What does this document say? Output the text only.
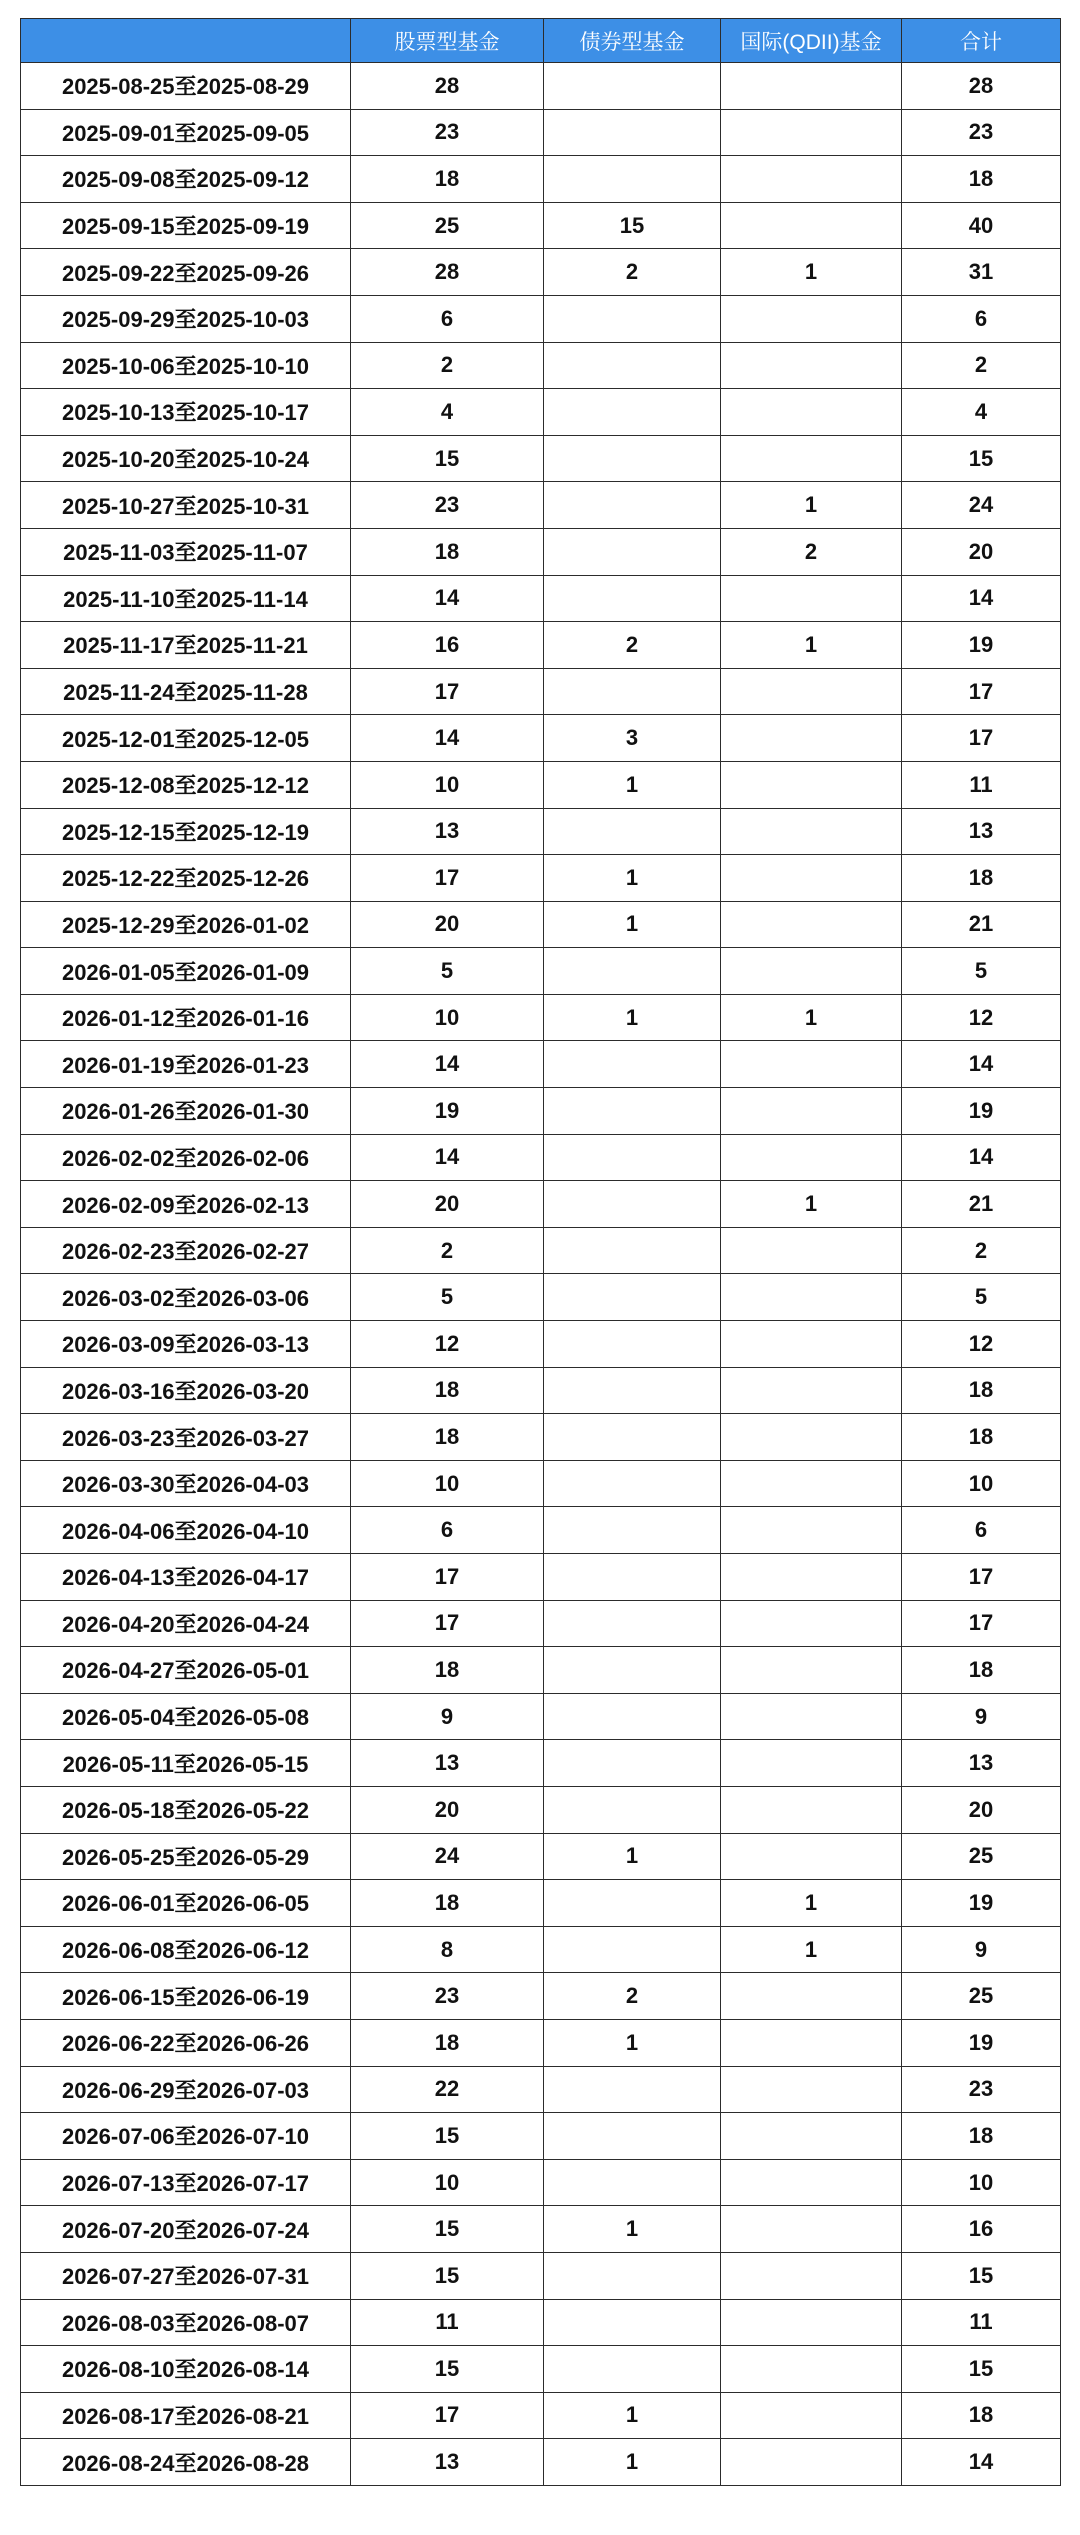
	股票型基金	债券型基金	国际(QDII)基金	合计
2025-08-25至2025-08-29	28			28
2025-09-01至2025-09-05	23			23
2025-09-08至2025-09-12	18			18
2025-09-15至2025-09-19	25	15		40
2025-09-22至2025-09-26	28	2	1	31
2025-09-29至2025-10-03	6			6
2025-10-06至2025-10-10	2			2
2025-10-13至2025-10-17	4			4
2025-10-20至2025-10-24	15			15
2025-10-27至2025-10-31	23		1	24
2025-11-03至2025-11-07	18		2	20
2025-11-10至2025-11-14	14			14
2025-11-17至2025-11-21	16	2	1	19
2025-11-24至2025-11-28	17			17
2025-12-01至2025-12-05	14	3		17
2025-12-08至2025-12-12	10	1		11
2025-12-15至2025-12-19	13			13
2025-12-22至2025-12-26	17	1		18
2025-12-29至2026-01-02	20	1		21
2026-01-05至2026-01-09	5			5
2026-01-12至2026-01-16	10	1	1	12
2026-01-19至2026-01-23	14			14
2026-01-26至2026-01-30	19			19
2026-02-02至2026-02-06	14			14
2026-02-09至2026-02-13	20		1	21
2026-02-23至2026-02-27	2			2
2026-03-02至2026-03-06	5			5
2026-03-09至2026-03-13	12			12
2026-03-16至2026-03-20	18			18
2026-03-23至2026-03-27	18			18
2026-03-30至2026-04-03	10			10
2026-04-06至2026-04-10	6			6
2026-04-13至2026-04-17	17			17
2026-04-20至2026-04-24	17			17
2026-04-27至2026-05-01	18			18
2026-05-04至2026-05-08	9			9
2026-05-11至2026-05-15	13			13
2026-05-18至2026-05-22	20			20
2026-05-25至2026-05-29	24	1		25
2026-06-01至2026-06-05	18		1	19
2026-06-08至2026-06-12	8		1	9
2026-06-15至2026-06-19	23	2		25
2026-06-22至2026-06-26	18	1		19
2026-06-29至2026-07-03	22			23
2026-07-06至2026-07-10	15			18
2026-07-13至2026-07-17	10			10
2026-07-20至2026-07-24	15	1		16
2026-07-27至2026-07-31	15			15
2026-08-03至2026-08-07	11			11
2026-08-10至2026-08-14	15			15
2026-08-17至2026-08-21	17	1		18
2026-08-24至2026-08-28	13	1		14
